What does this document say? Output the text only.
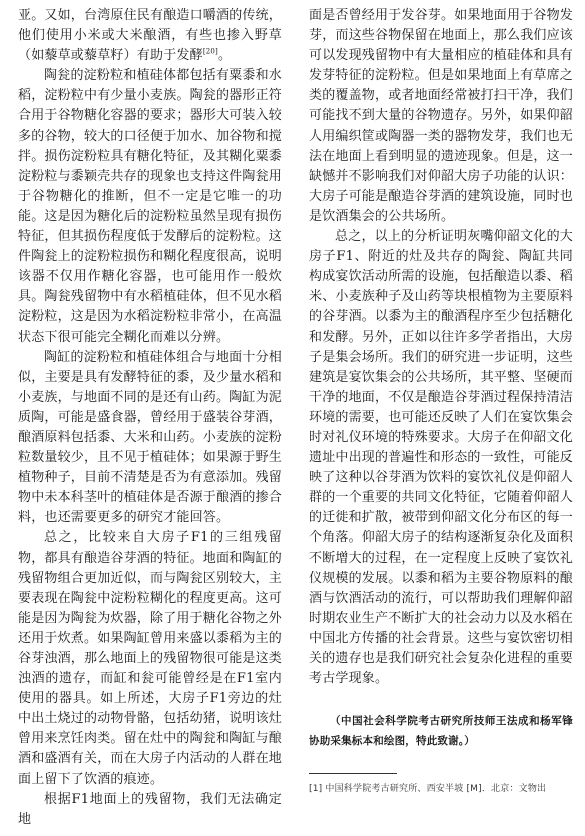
亚。又如，台湾原住民有酿造口嚼酒的传统，他们使用小米或大米酿酒，有些也掺入野草（如藜草或藜草籽）有助于发酵[20]。

陶瓮的淀粉粒和植硅体都包括有粟黍和水稻，淀粉粒中有少量小麦族。陶瓮的器形正符合用于谷物糖化容器的要求；器形大可装入较多的谷物，较大的口径便于加水、加谷物和搅拌。损伤淀粉粒具有糖化特征，及其糊化粟黍淀粉粒与黍颖壳共存的现象也支持这件陶瓮用于谷物糖化的推断，但不一定是它唯一的功能。这是因为糖化后的淀粉粒虽然呈现有损伤特征，但其损伤程度低于发酵后的淀粉粒。这件陶瓮上的淀粉粒损伤和糊化程度很高，说明该器不仅用作糖化容器，也可能用作一般炊具。陶瓮残留物中有水稻植硅体，但不见水稻淀粉粒，这是因为水稻淀粉粒非常小，在高温状态下很可能完全糊化而难以分辨。

陶缸的淀粉粒和植硅体组合与地面十分相似，主要是具有发酵特征的黍，及少量水稻和小麦族，与地面不同的是还有山药。陶缸为泥质陶，可能是盛食器，曾经用于盛装谷芽酒，酿酒原料包括黍、大米和山药。小麦族的淀粉粒数量较少，且不见于植硅体；如果源于野生植物种子，目前不清楚是否为有意添加。残留物中未本科茎叶的植硅体是否源于酿酒的掺合料，也还需要更多的研究才能回答。

总之，比较来自大房子F1的三组残留物，都具有酿造谷芽酒的特征。地面和陶缸的残留物组合更加近似，而与陶瓮区别较大，主要表现在陶瓮中淀粉粒糊化的程度更高。这可能是因为陶瓮为炊器，除了用于糖化谷物之外还用于炊煮。如果陶缸曾用来盛以黍稻为主的谷芽浊酒，那么地面上的残留物很可能是这类浊酒的遗存，而缸和瓮可能曾经是在F1室内使用的器具。如上所述，大房子F1旁边的灶中出土烧过的动物骨骼，包括幼猪，说明该灶曾用来烹饪肉类。留在灶中的陶瓮和陶缸与酿酒和盛酒有关，而在大房子内活动的人群在地面上留下了饮酒的痕迹。

根据F1地面上的残留物，我们无法确定地

面是否曾经用于发谷芽。如果地面用于谷物发芽，而这些谷物保留在地面上，那么我们应该可以发现残留物中有大量相应的植硅体和具有发芽特征的淀粉粒。但是如果地面上有草席之类的覆盖物，或者地面经常被打扫干净，我们可能找不到大量的谷物遗存。另外，如果仰韶人用编织筐或陶器一类的器物发芽，我们也无法在地面上看到明显的遗迹现象。但是，这一缺憾并不影响我们对仰韶大房子功能的认识：大房子可能是酿造谷芽酒的建筑设施，同时也是饮酒集会的公共场所。

总之，以上的分析证明灰嘴仰韶文化的大房子F1、附近的灶及共存的陶瓮、陶缸共同构成宴饮活动所需的设施，包括酿造以黍、稻米、小麦族种子及山药等块根植物为主要原料的谷芽酒。以黍为主的酿酒程序至少包括糖化和发酵。另外，正如以往许多学者指出，大房子是集会场所。我们的研究进一步证明，这些建筑是宴饮集会的公共场所，其平整、坚硬而干净的地面，不仅是酿造谷芽酒过程保持清洁环境的需要，也可能还反映了人们在宴饮集会时对礼仪环境的特殊要求。大房子在仰韶文化遗址中出现的普遍性和形态的一致性，可能反映了这种以谷芽酒为饮料的宴饮礼仪是仰韶人群的一个重要的共同文化特征，它随着仰韶人的迁徙和扩散，被带到仰韶文化分布区的每一个角落。仰韶大房子的结构逐渐复杂化及面积不断增大的过程，在一定程度上反映了宴饮礼仪规模的发展。以黍和稻为主要谷物原料的酿酒与饮酒活动的流行，可以帮助我们理解仰韶时期农业生产不断扩大的社会动力以及水稻在中国北方传播的社会背景。这些与宴饮密切相关的遗存也是我们研究社会复杂化进程的重要考古学现象。

（中国社会科学院考古研究所技师王法成和杨军锋协助采集标本和绘图，特此致谢。）

[1] 中国科学院考古研究所、西安半坡 [M]．北京：文物出
